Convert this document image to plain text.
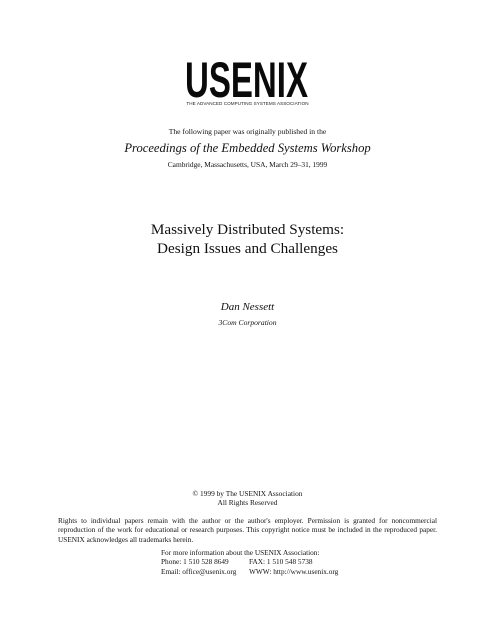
USENIX
THE ADVANCED COMPUTING SYSTEMS ASSOCIATION
The following paper was originally published in the
Proceedings of the Embedded Systems Workshop
Cambridge, Massachusetts, USA, March 29–31, 1999
Massively Distributed Systems:
Design Issues and Challenges
Dan Nessett
3Com Corporation
© 1999 by The USENIX Association
All Rights Reserved
Rights to individual papers remain with the author or the author's employer. Permission is granted for noncommercial reproduction of the work for educational or research purposes. This copyright notice must be included in the reproduced paper. USENIX acknowledges all trademarks herein.
For more information about the USENIX Association:
Phone: 1 510 528 8649	FAX: 1 510 548 5738
Email: office@usenix.org WWW: http://www.usenix.org
